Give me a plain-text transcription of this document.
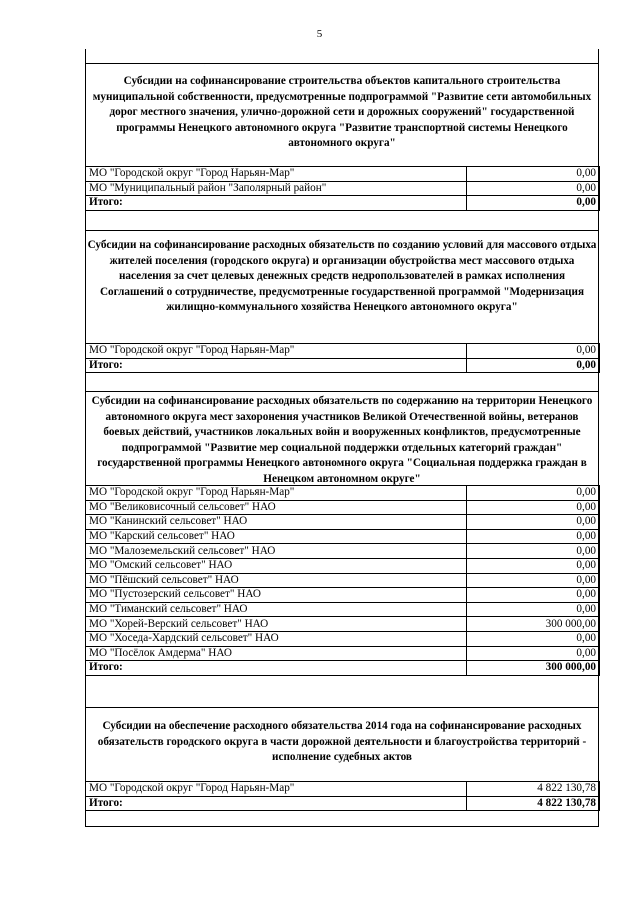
5
Субсидии на софинансирование строительства объектов капитального строительства муниципальной собственности, предусмотренные подпрограммой "Развитие сети автомобильных дорог местного значения, улично-дорожной сети и дорожных сооружений" государственной программы Ненецкого автономного округа "Развитие транспортной системы Ненецкого автономного округа"
МО "Городской округ "Город Нарьян-Мар"	0,00
МО "Муниципальный район "Заполярный район"	0,00
Итого:	0,00
Субсидии на софинансирование расходных обязательств по созданию условий для массового отдыха жителей поселения (городского округа) и организации обустройства мест массового отдыха населения за счет целевых денежных средств недропользователей в рамках исполнения Соглашений о сотрудничестве, предусмотренные государственной программой "Модернизация жилищно-коммунального хозяйства Ненецкого автономного округа"
МО "Городской округ "Город Нарьян-Мар"	0,00
Итого:	0,00
Субсидии на софинансирование расходных обязательств по содержанию на территории Ненецкого автономного округа мест захоронения участников Великой Отечественной войны, ветеранов боевых действий, участников локальных войн и вооруженных конфликтов, предусмотренные подпрограммой "Развитие мер социальной поддержки отдельных категорий граждан" государственной программы Ненецкого автономного округа "Социальная поддержка граждан в Ненецком автономном округе"
МО "Городской округ "Город Нарьян-Мар"	0,00
МО "Великовисочный сельсовет" НАО	0,00
МО "Канинский сельсовет" НАО	0,00
МО "Карский сельсовет" НАО	0,00
МО "Малоземельский сельсовет" НАО	0,00
МО "Омский сельсовет" НАО	0,00
МО "Пёшский сельсовет" НАО	0,00
МО "Пустозерский сельсовет" НАО	0,00
МО "Тиманский сельсовет" НАО	0,00
МО "Хорей-Верский сельсовет" НАО	300 000,00
МО "Хоседа-Хардский сельсовет" НАО	0,00
МО "Посёлок Амдерма" НАО	0,00
Итого:	300 000,00
Субсидии на обеспечение расходного обязательства 2014 года на софинансирование расходных обязательств городского округа в части дорожной деятельности и благоустройства территорий - исполнение судебных актов
МО "Городской округ "Город Нарьян-Мар"	4 822 130,78
Итого:	4 822 130,78
